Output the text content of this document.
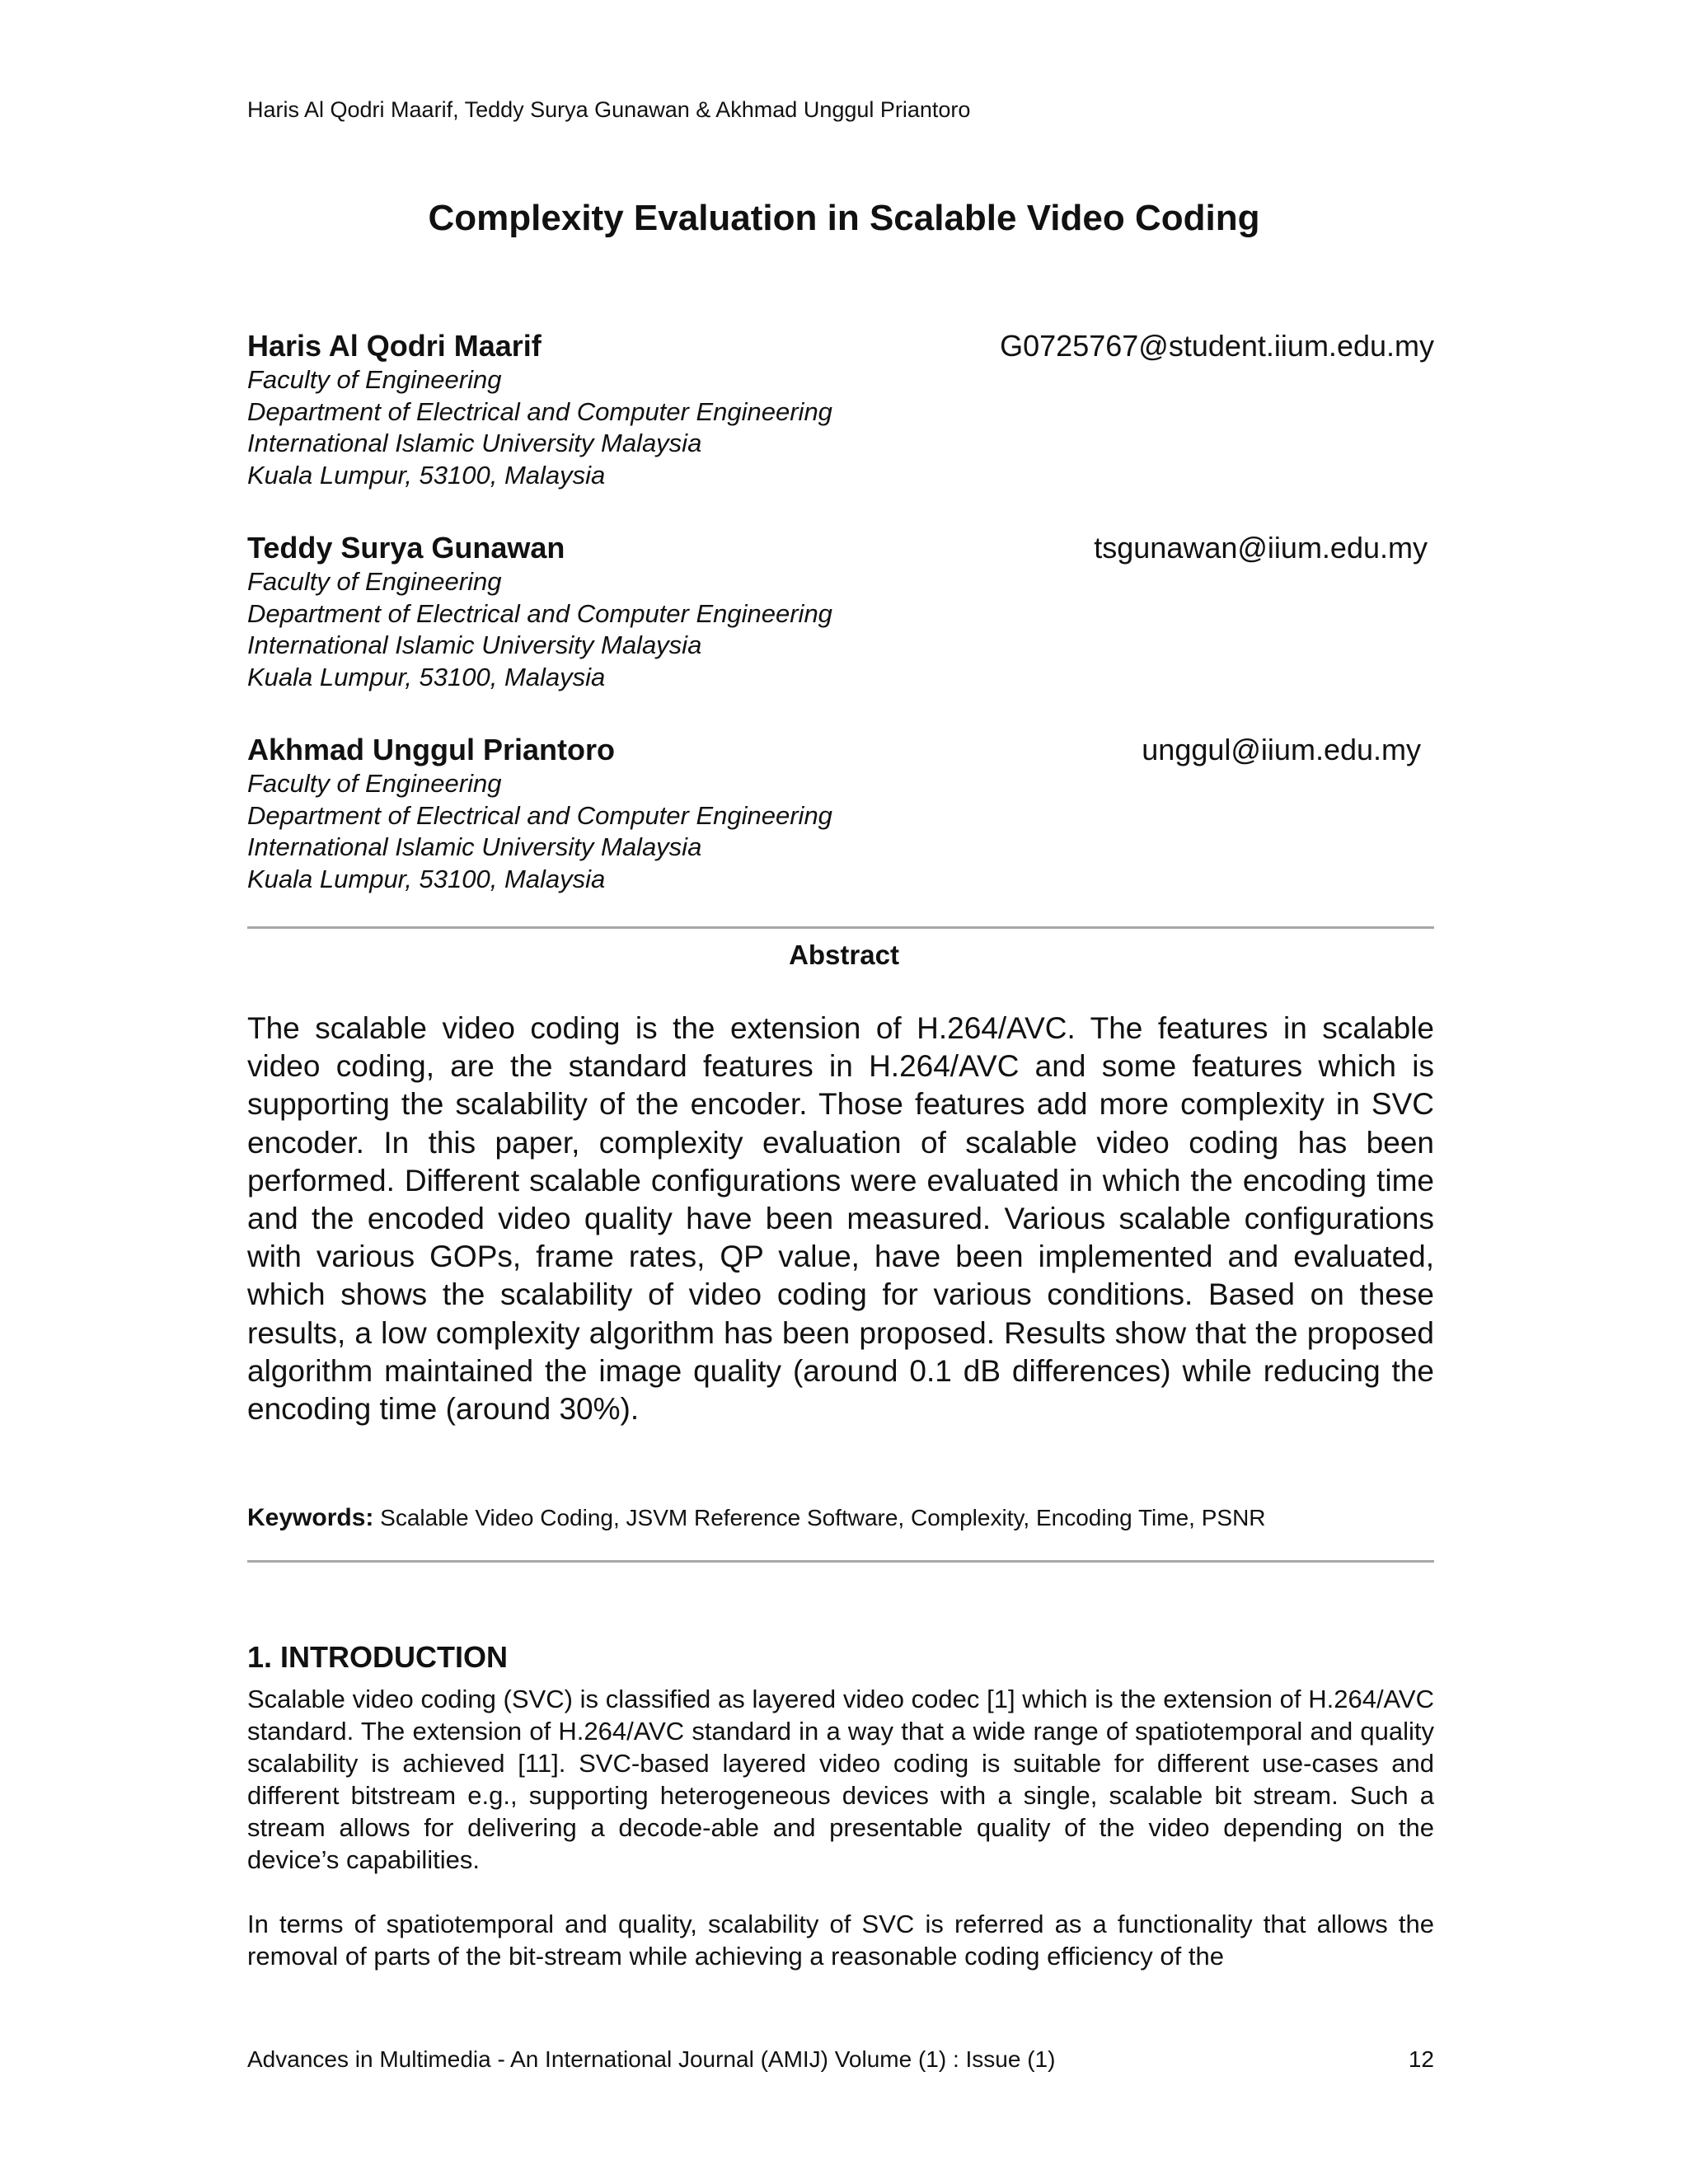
Haris Al Qodri Maarif, Teddy Surya Gunawan & Akhmad Unggul Priantoro
Complexity Evaluation in Scalable Video Coding
Haris Al Qodri Maarif	G0725767@student.iium.edu.my
Faculty of Engineering
Department of Electrical and Computer Engineering
International Islamic University Malaysia
Kuala Lumpur, 53100, Malaysia
Teddy Surya Gunawan	tsgunawan@iium.edu.my
Faculty of Engineering
Department of Electrical and Computer Engineering
International Islamic University Malaysia
Kuala Lumpur, 53100, Malaysia
Akhmad Unggul Priantoro	unggul@iium.edu.my
Faculty of Engineering
Department of Electrical and Computer Engineering
International Islamic University Malaysia
Kuala Lumpur, 53100, Malaysia
Abstract
The scalable video coding is the extension of H.264/AVC. The features in scalable video coding, are the standard features in H.264/AVC and some features which is supporting the scalability of the encoder. Those features add more complexity in SVC encoder. In this paper, complexity evaluation of scalable video coding has been performed. Different scalable configurations were evaluated in which the encoding time and the encoded video quality have been measured. Various scalable configurations with various GOPs, frame rates, QP value, have been implemented and evaluated, which shows the scalability of video coding for various conditions. Based on these results, a low complexity algorithm has been proposed. Results show that the proposed algorithm maintained the image quality (around 0.1 dB differences) while reducing the encoding time (around 30%).
Keywords: Scalable Video Coding, JSVM Reference Software, Complexity, Encoding Time, PSNR
1. INTRODUCTION
Scalable video coding (SVC) is classified as layered video codec [1] which is the extension of H.264/AVC standard. The extension of H.264/AVC standard in a way that a wide range of spatiotemporal and quality scalability is achieved [11]. SVC-based layered video coding is suitable for different use-cases and different bitstream e.g., supporting heterogeneous devices with a single, scalable bit stream. Such a stream allows for delivering a decode-able and presentable quality of the video depending on the device’s capabilities.
In terms of spatiotemporal and quality, scalability of SVC is referred as a functionality that allows the removal of parts of the bit-stream while achieving a reasonable coding efficiency of the
Advances in Multimedia - An International Journal (AMIJ) Volume (1) : Issue (1)	12
